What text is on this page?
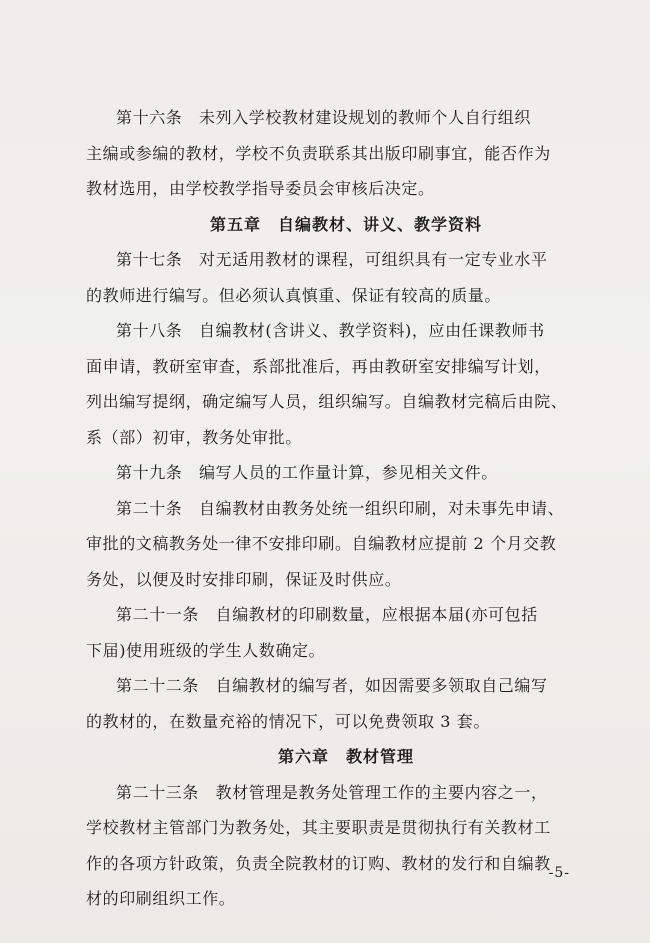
第十六条　未列入学校教材建设规划的教师个人自行组织
主编或参编的教材，学校不负责联系其出版印刷事宜，能否作为
教材选用，由学校教学指导委员会审核后决定。
第五章　自编教材、讲义、教学资料
第十七条　对无适用教材的课程，可组织具有一定专业水平
的教师进行编写。但必须认真慎重、保证有较高的质量。
第十八条　自编教材(含讲义、教学资料)，应由任课教师书
面申请，教研室审查，系部批准后，再由教研室安排编写计划，
列出编写提纲，确定编写人员，组织编写。自编教材完稿后由院、
系（部）初审，教务处审批。
第十九条　编写人员的工作量计算，参见相关文件。
第二十条　自编教材由教务处统一组织印刷，对未事先申请、
审批的文稿教务处一律不安排印刷。自编教材应提前 2 个月交教
务处，以便及时安排印刷，保证及时供应。
第二十一条　自编教材的印刷数量，应根据本届(亦可包括
下届)使用班级的学生人数确定。
第二十二条　自编教材的编写者，如因需要多领取自己编写
的教材的，在数量充裕的情况下，可以免费领取 3 套。
第六章　教材管理
第二十三条　教材管理是教务处管理工作的主要内容之一，
学校教材主管部门为教务处，其主要职责是贯彻执行有关教材工
作的各项方针政策，负责全院教材的订购、教材的发行和自编教
材的印刷组织工作。
-5-
